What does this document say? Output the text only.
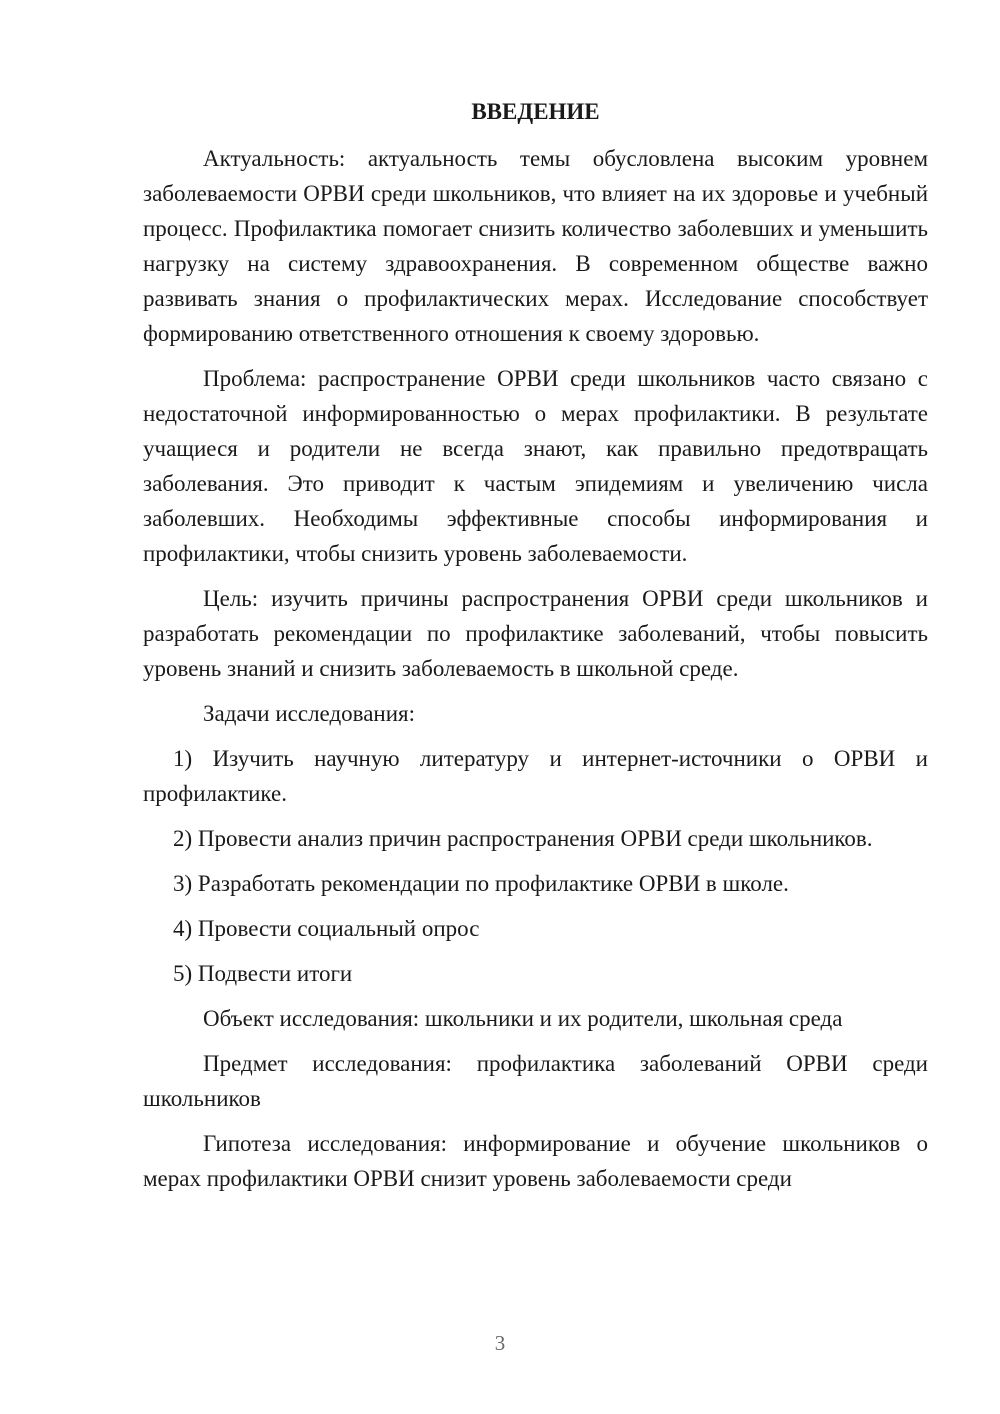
ВВЕДЕНИЕ

Актуальность: актуальность темы обусловлена высоким уровнем заболеваемости ОРВИ среди школьников, что влияет на их здоровье и учебный процесс. Профилактика помогает снизить количество заболевших и уменьшить нагрузку на систему здравоохранения. В современном обществе важно развивать знания о профилактических мерах. Исследование способствует формированию ответственного отношения к своему здоровью.

Проблема: распространение ОРВИ среди школьников часто связано с недостаточной информированностью о мерах профилактики. В результате учащиеся и родители не всегда знают, как правильно предотвращать заболевания. Это приводит к частым эпидемиям и увеличению числа заболевших. Необходимы эффективные способы информирования и профилактики, чтобы снизить уровень заболеваемости.

Цель: изучить причины распространения ОРВИ среди школьников и разработать рекомендации по профилактике заболеваний, чтобы повысить уровень знаний и снизить заболеваемость в школьной среде.

Задачи исследования:

1) Изучить научную литературу и интернет-источники о ОРВИ и профилактике.

2) Провести анализ причин распространения ОРВИ среди школьников.

3) Разработать рекомендации по профилактике ОРВИ в школе.

4) Провести социальный опрос

5) Подвести итоги

Объект исследования: школьники и их родители, школьная среда

Предмет исследования: профилактика заболеваний ОРВИ среди школьников

Гипотеза исследования: информирование и обучение школьников о мерах профилактики ОРВИ снизит уровень заболеваемости среди

3
